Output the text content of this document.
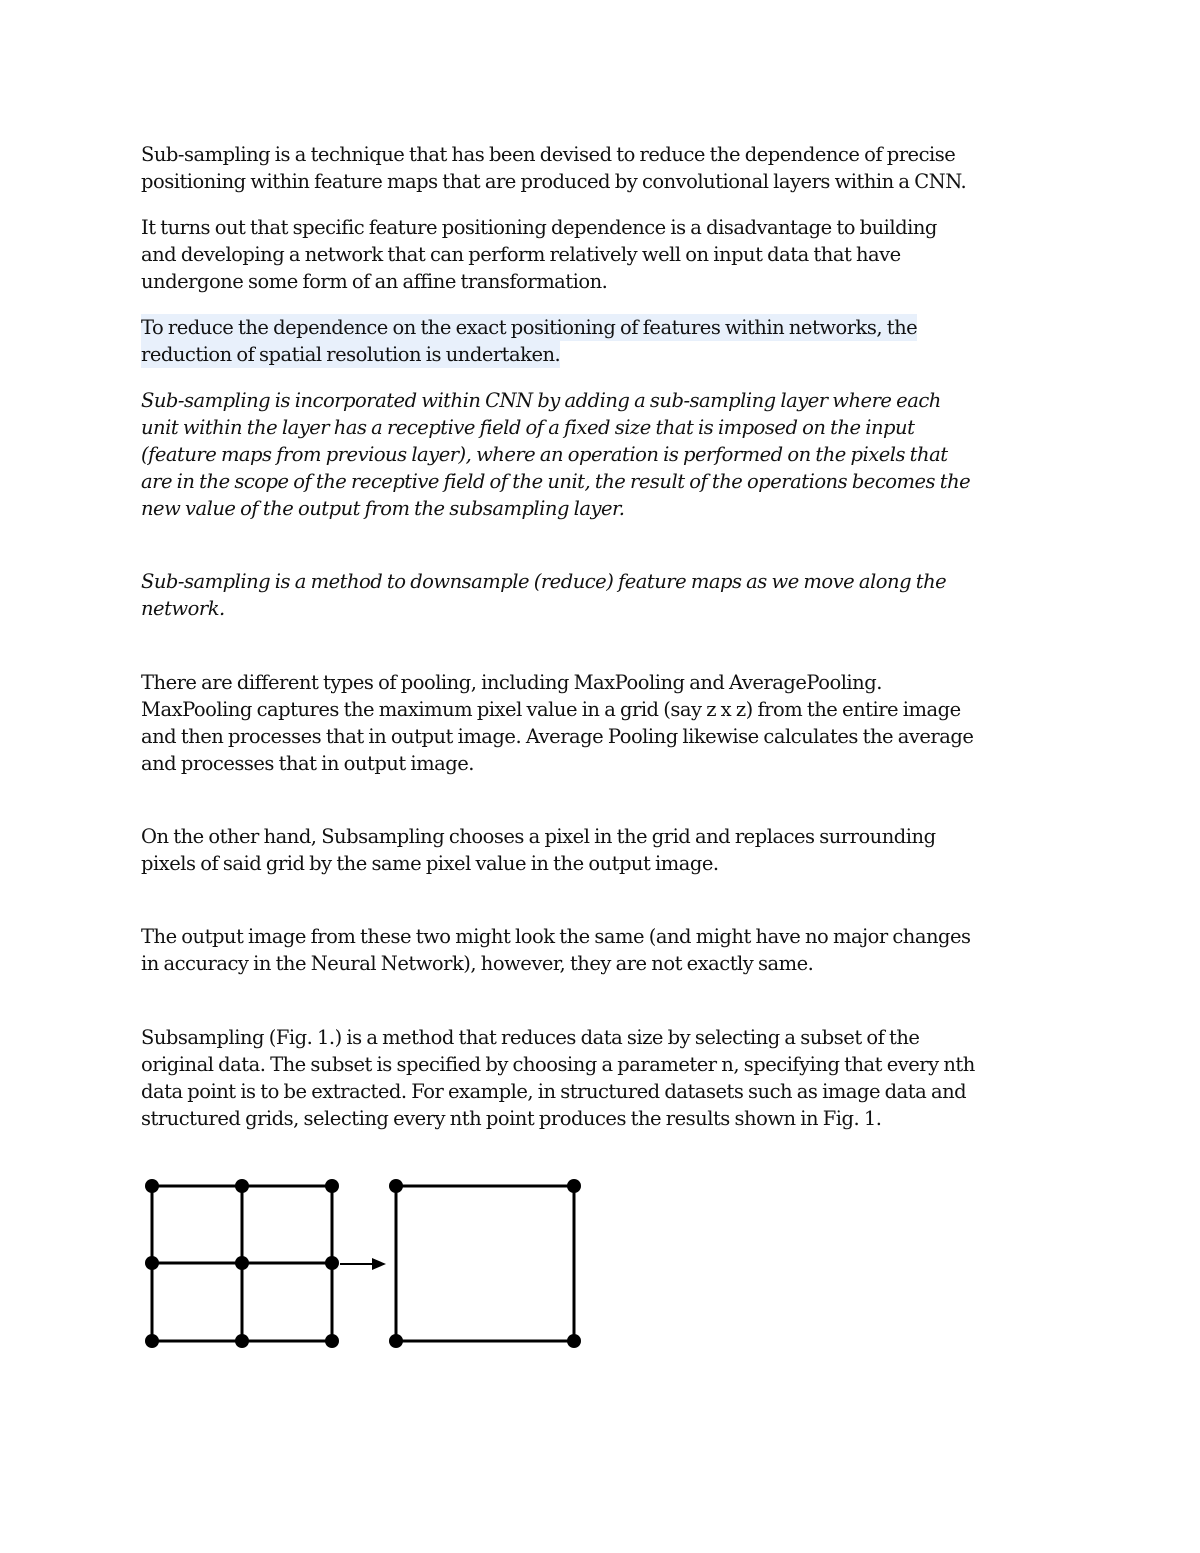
Sub-sampling is a technique that has been devised to reduce the dependence of precise
positioning within feature maps that are produced by convolutional layers within a CNN.

It turns out that specific feature positioning dependence is a disadvantage to building
and developing a network that can perform relatively well on input data that have
undergone some form of an affine transformation.

To reduce the dependence on the exact positioning of features within networks, the
reduction of spatial resolution is undertaken.

Sub-sampling is incorporated within CNN by adding a sub-sampling layer where each
unit within the layer has a receptive field of a fixed size that is imposed on the input
(feature maps from previous layer), where an operation is performed on the pixels that
are in the scope of the receptive field of the unit, the result of the operations becomes the
new value of the output from the subsampling layer.

Sub-sampling is a method to downsample (reduce) feature maps as we move along the
network.

There are different types of pooling, including MaxPooling and AveragePooling.
MaxPooling captures the maximum pixel value in a grid (say z x z) from the entire image
and then processes that in output image. Average Pooling likewise calculates the average
and processes that in output image.

On the other hand, Subsampling chooses a pixel in the grid and replaces surrounding
pixels of said grid by the same pixel value in the output image.

The output image from these two might look the same (and might have no major changes
in accuracy in the Neural Network), however, they are not exactly same.

Subsampling (Fig. 1.) is a method that reduces data size by selecting a subset of the
original data. The subset is specified by choosing a parameter n, specifying that every nth
data point is to be extracted. For example, in structured datasets such as image data and
structured grids, selecting every nth point produces the results shown in Fig. 1.
